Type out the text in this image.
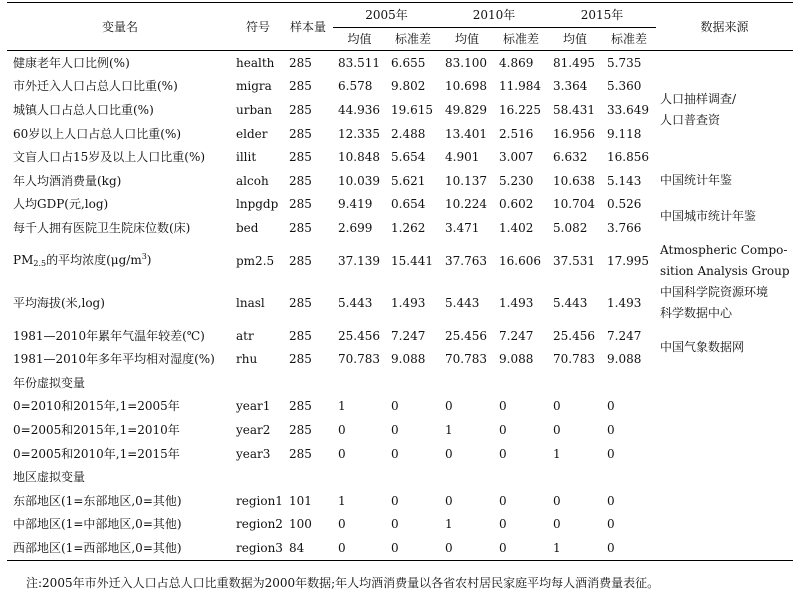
变量名	符号	样本量	2005年		2010年		2015年		数据来源
			均值	标准差	均值	标准差	均值	标准差	
健康老年人口比例(%)	health	285	83.511	6.655	83.100	4.869	81.495	5.735	人口抽样调查/
人口普查资

市外迁入人口占总人口比重(%)	migra	285	6.578	9.802	10.698	11.984	3.364	5.360	
城镇人口占总人口比重(%)	urban	285	44.936	19.615	49.829	16.225	58.431	33.649	
60岁以上人口占总人口比重(%)	elder	285	12.335	2.488	13.401	2.516	16.956	9.118	
文盲人口占15岁及以上人口比重(%)	illit	285	10.848	5.654	4.901	3.007	6.632	16.856	
年人均酒消费量(kg)	alcoh	285	10.039	5.621	10.137	5.230	10.638	5.143	中国统计年鉴
人均GDP(元,log)	lnpgdp	285	9.419	0.654	10.224	0.602	10.704	0.526	中国城市统计年鉴
每千人拥有医院卫生院床位数(床)	bed	285	2.699	1.262	3.471	1.402	5.082	3.766	
$PM_{2.5}$的平均浓度$(\mu g/m^3)$	pm2.5	285	37.139	15.441	37.763	16.606	37.531	17.995	Atmospheric Compo-
sition Analysis Group

平均海拔(米,log)	lnasl	285	5.443	1.493	5.443	1.493	5.443	1.493	中国科学院资源环境
科学数据中心

1981—2010年累年气温年较差(℃)	atr	285	25.456	7.247	25.456	7.247	25.456	7.247	中国气象数据网
1981—2010年多年平均相对湿度(%)	rhu	285	70.783	9.088	70.783	9.088	70.783	9.088	
年份虚拟变量									
0=2010和2015年,1=2005年	year1	285	1	0	0	0	0	0	
0=2005和2015年,1=2010年	year2	285	0	0	1	0	0	0	
0=2005和2010年,1=2015年	year3	285	0	0	0	0	1	0	
地区虚拟变量									
东部地区(1=东部地区,0=其他)	region1	101	1	0	0	0	0	0	
中部地区(1=中部地区,0=其他)	region2	100	0	0	1	0	0	0	
西部地区(1=西部地区,0=其他)	region3	84	0	0	0	0	1	0	
注:2005年市外迁入人口占总人口比重数据为2000年数据;年人均酒消费量以各省农村居民家庭平均每人酒消费量表征。
